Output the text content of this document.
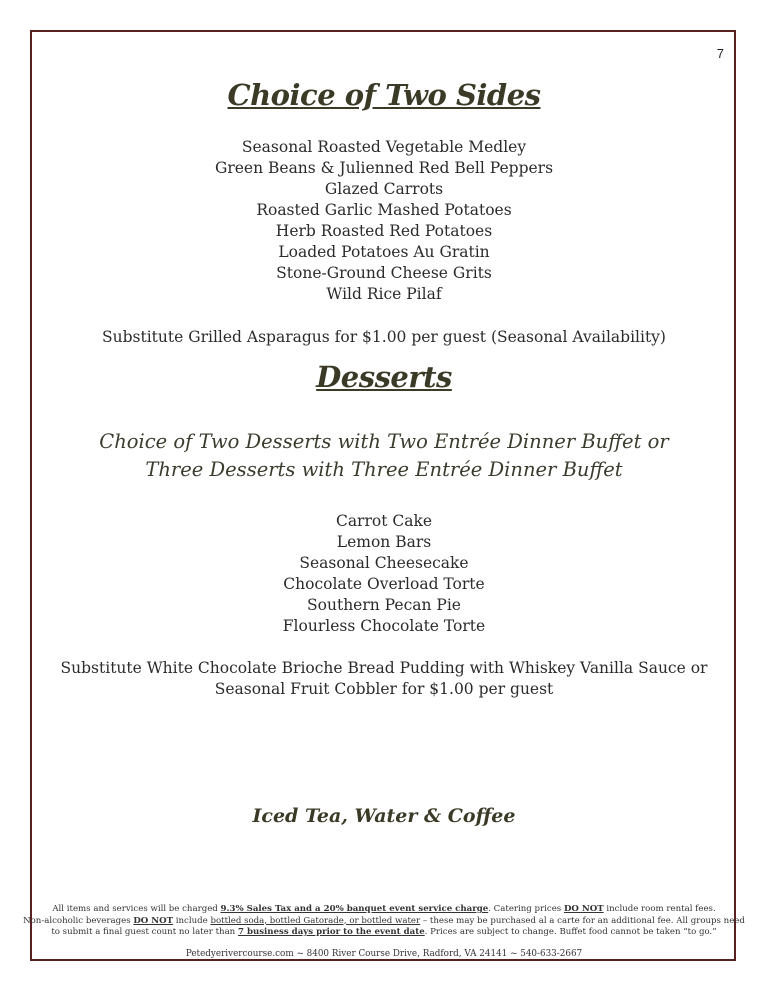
7
Choice of Two Sides
Seasonal Roasted Vegetable Medley
Green Beans & Julienned Red Bell Peppers
Glazed Carrots
Roasted Garlic Mashed Potatoes
Herb Roasted Red Potatoes
Loaded Potatoes Au Gratin
Stone-Ground Cheese Grits
Wild Rice Pilaf
Substitute Grilled Asparagus for $1.00 per guest (Seasonal Availability)
Desserts
Choice of Two Desserts with Two Entrée Dinner Buffet or
Three Desserts with Three Entrée Dinner Buffet
Carrot Cake
Lemon Bars
Seasonal Cheesecake
Chocolate Overload Torte
Southern Pecan Pie
Flourless Chocolate Torte
Substitute White Chocolate Brioche Bread Pudding with Whiskey Vanilla Sauce or
Seasonal Fruit Cobbler for $1.00 per guest
Iced Tea, Water & Coffee
All items and services will be charged 9.3% Sales Tax and a 20% banquet event service charge. Catering prices DO NOT include room rental fees.
Non-alcoholic beverages DO NOT include bottled soda, bottled Gatorade, or bottled water – these may be purchased al a carte for an additional fee. All groups need
to submit a final guest count no later than 7 business days prior to the event date. Prices are subject to change. Buffet food cannot be taken “to go.”
Petedyerivercourse.com ~ 8400 River Course Drive, Radford, VA 24141 ~ 540-633-2667
